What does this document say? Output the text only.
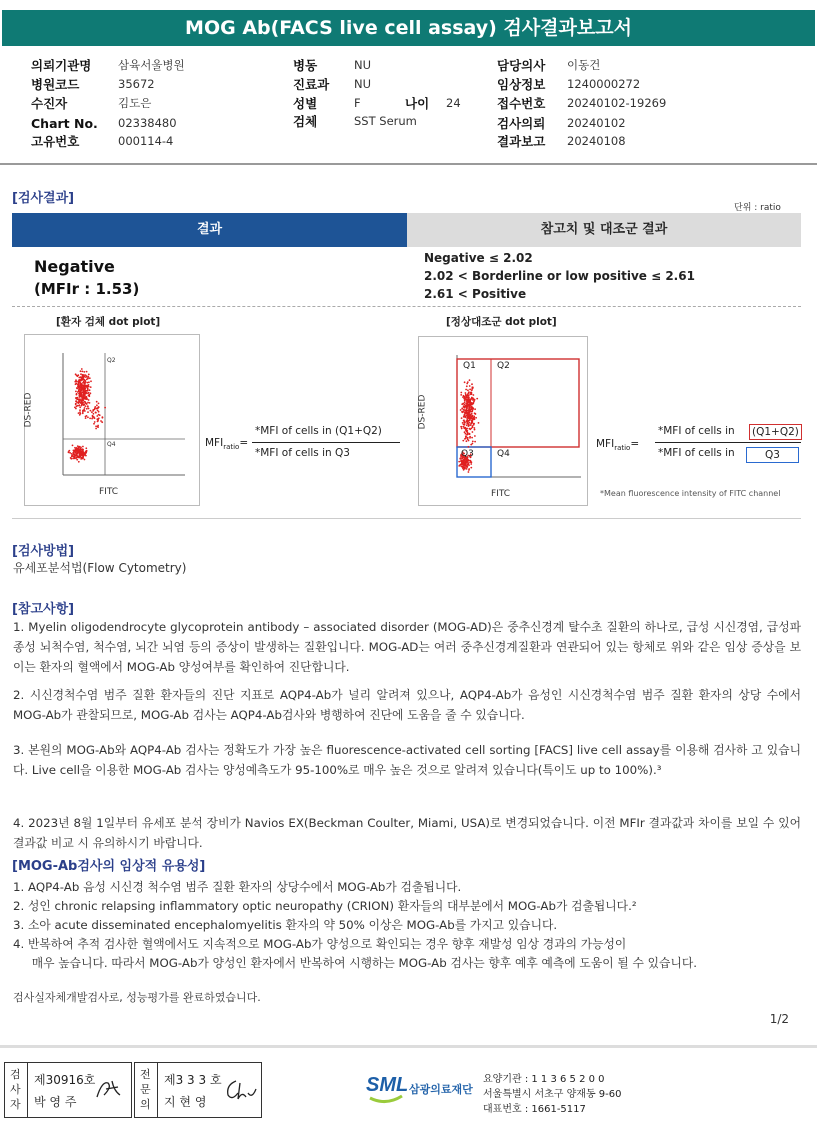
MOG Ab(FACS live cell assay) 검사결과보고서
의뢰기관명 삼육서울병원
병원코드	35672
수진자	김도은
Chart No. 02338480
고유번호	000114-4
병동	NU
진료과 NU
성별	F	나이 24
검체	SST Serum
담당의사 이동건
임상정보 1240000272
접수번호 20240102-19269
검사의뢰 20240102
결과보고 20240108
[검사결과]
단위 : ratio
결과	참고치 및 대조군 결과
Negative
(MFIr : 1.53)
Negative ≤ 2.02
2.02 < Borderline or low positive ≤ 2.61
2.61 < Positive
[환자 검체 dot plot]	[정상대조군 dot plot]
Q2
Q4
DS-RED
FITC
$MFI_{ratio}=$
*MFI of cells in (Q1+Q2)
*MFI of cells in Q3
Q1 Q2
Q3	Q4
DS-RED
FITC
$MFI_{ratio}=$
*MFI of cells in (Q1+Q2)
*MFI of cells in	Q3
*Mean fluorescence intensity of FITC channel
[검사방법]
유세포분석법(Flow Cytometry)
[참고사항]
1. Myelin oligodendrocyte glycoprotein antibody – associated disorder (MOG-AD)은 중추신경계 탈수초 질환의 하나로, 급성 시신경염, 급성파종성 뇌척수염, 척수염, 뇌간 뇌염 등의 증상이 발생하는 질환입니다. MOG-AD는 여러 중추신경계질환과 연관되어 있는 항체로 위와 같은 임상 증상을 보이는 환자의 혈액에서 MOG-Ab 양성여부를 확인하여 진단합니다.
2. 시신경척수염 범주 질환 환자들의 진단 지표로 AQP4-Ab가 널리 알려져 있으나, AQP4-Ab가 음성인 시신경척수염 범주 질환 환자의 상당 수에서 MOG-Ab가 관찰되므로, MOG-Ab 검사는 AQP4-Ab검사와 병행하여 진단에 도움을 줄 수 있습니다.
3. 본원의 MOG-Ab와 AQP4-Ab 검사는 정확도가 가장 높은 fluorescence-activated cell sorting [FACS] live cell assay를 이용해 검사하 고 있습니다. Live cell을 이용한 MOG-Ab 검사는 양성예측도가 95-100%로 매우 높은 것으로 알려져 있습니다(특이도 up to 100%).³
4. 2023년 8월 1일부터 유세포 분석 장비가 Navios EX(Beckman Coulter, Miami, USA)로 변경되었습니다. 이전 MFIr 결과값과 차이를 보일 수 있어 결과값 비교 시 유의하시기 바랍니다.
[MOG-Ab검사의 임상적 유용성]
1. AQP4-Ab 음성 시신경 척수염 범주 질환 환자의 상당수에서 MOG-Ab가 검출됩니다.
2. 성인 chronic relapsing inflammatory optic neuropathy (CRION) 환자들의 대부분에서 MOG-Ab가 검출됩니다.²
3. 소아 acute disseminated encephalomyelitis 환자의 약 50% 이상은 MOG-Ab를 가지고 있습니다.
4. 반복하여 추적 검사한 혈액에서도 지속적으로 MOG-Ab가 양성으로 확인되는 경우 향후 재발성 임상 경과의 가능성이
매우 높습니다. 따라서 MOG-Ab가 양성인 환자에서 반복하여 시행하는 MOG-Ab 검사는 향후 예후 예측에 도움이 될 수 있습니다.
검사실자체개발검사로, 성능평가를 완료하였습니다.
1/2
검사자
제30916호
박 영 주
전문의
제3 3 3 호
지 현 영
SML 삼광의료재단
요양기관 : 1 1 3 6 5 2 0 0
서울특별시 서초구 양재동 9-60
대표번호 : 1661-5117
